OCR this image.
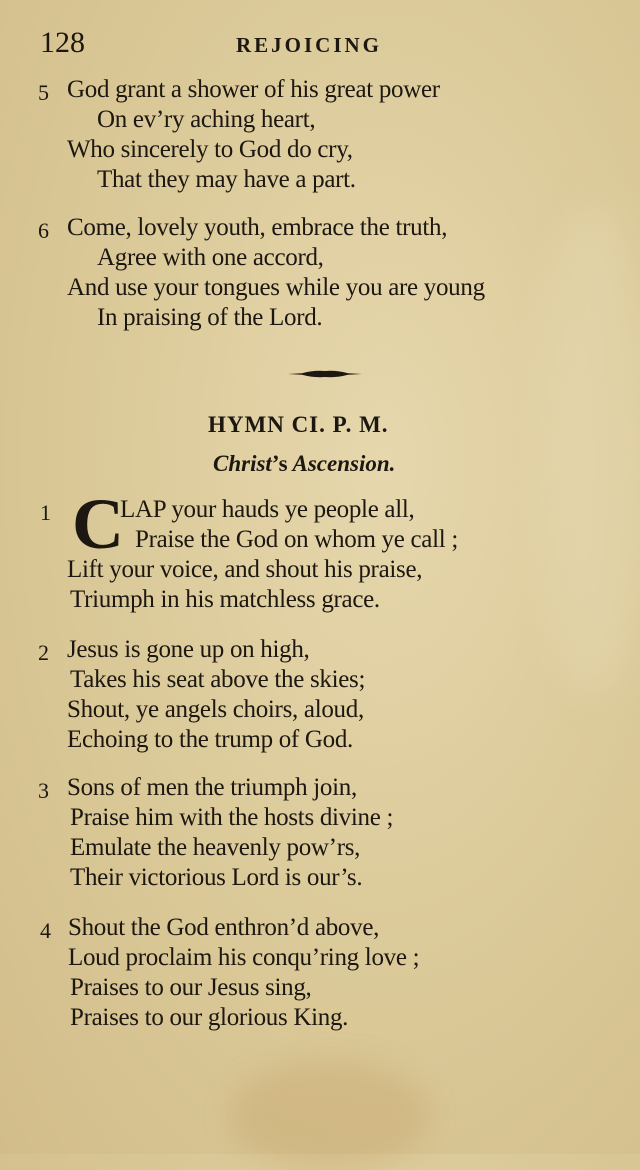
128	REJOICING
5 God grant a shower of his great power
On ev’ry aching heart,
Who sincerely to God do cry,
That they may have a part.
6 Come, lovely youth, embrace the truth,
Agree with one accord,
And use your tongues while you are young
In praising of the Lord.
HYMN CI. P. M.
Christ’s Ascension.
1 C
LAP your hauds ye people all,
Praise the God on whom ye call ;
Lift your voice, and shout his praise,
Triumph in his matchless grace.
2 Jesus is gone up on high,
Takes his seat above the skies;
Shout, ye angels choirs, aloud,
Echoing to the trump of God.
3 Sons of men the triumph join,
Praise him with the hosts divine ;
Emulate the heavenly pow’rs,
Their victorious Lord is our’s.
4 Shout the God enthron’d above,
Loud proclaim his conqu’ring love ;
Praises to our Jesus sing,
Praises to our glorious King.
